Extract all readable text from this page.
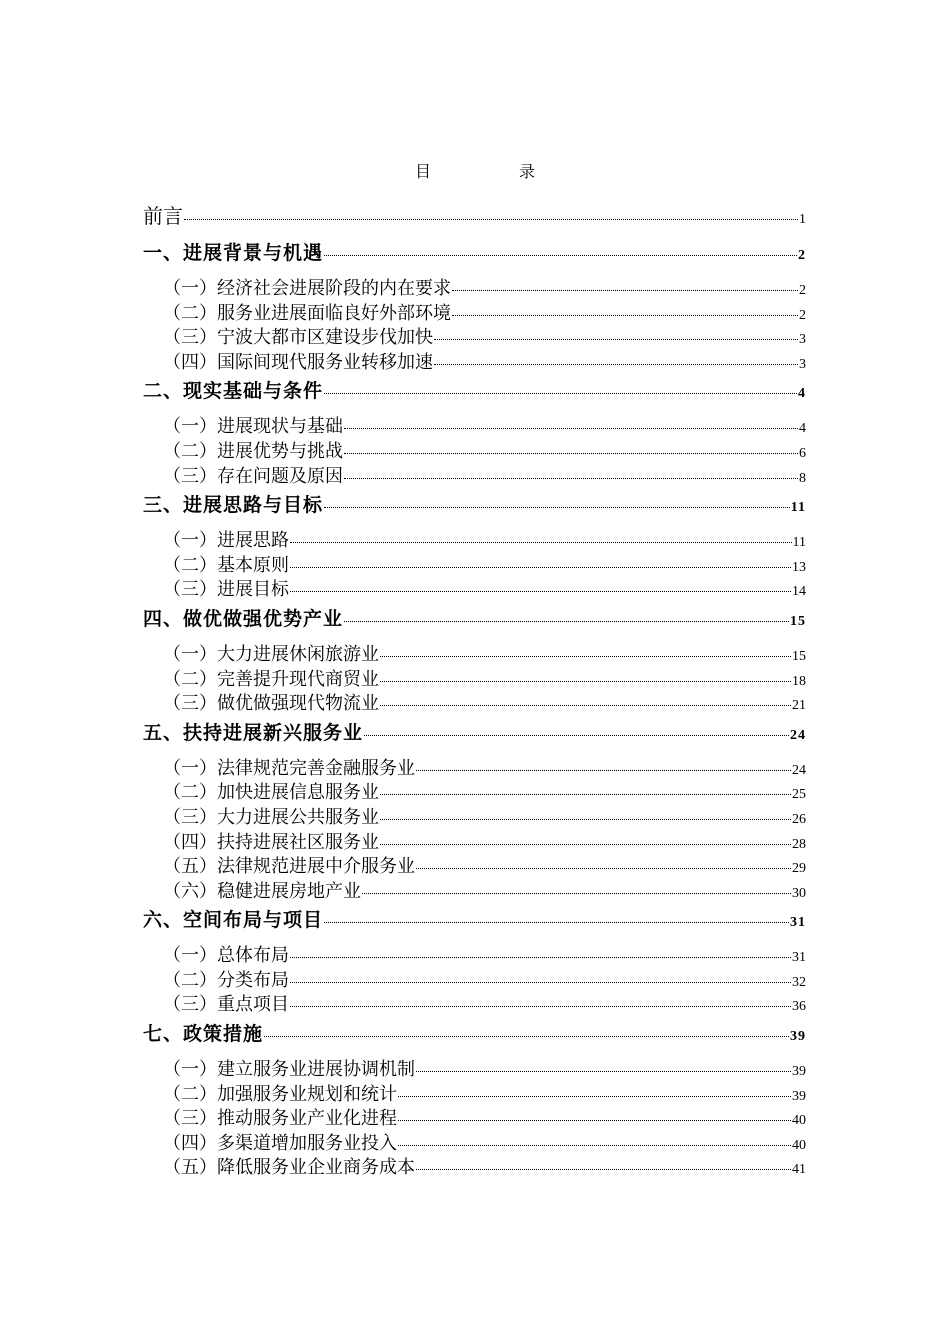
目　录
前言	1
一、进展背景与机遇	2
（一）经济社会进展阶段的内在要求	2
（二）服务业进展面临良好外部环境	2
（三）宁波大都市区建设步伐加快	3
（四）国际间现代服务业转移加速	3
二、现实基础与条件	4
（一）进展现状与基础	4
（二）进展优势与挑战	6
（三）存在问题及原因	8
三、进展思路与目标	11
（一）进展思路	11
（二）基本原则	13
（三）进展目标	14
四、做优做强优势产业	15
（一）大力进展休闲旅游业	15
（二）完善提升现代商贸业	18
（三）做优做强现代物流业	21
五、扶持进展新兴服务业	24
（一）法律规范完善金融服务业	24
（二）加快进展信息服务业	25
（三）大力进展公共服务业	26
（四）扶持进展社区服务业	28
（五）法律规范进展中介服务业	29
（六）稳健进展房地产业	30
六、空间布局与项目	31
（一）总体布局	31
（二）分类布局	32
（三）重点项目	36
七、政策措施	39
（一）建立服务业进展协调机制	39
（二）加强服务业规划和统计	39
（三）推动服务业产业化进程	40
（四）多渠道增加服务业投入	40
（五）降低服务业企业商务成本	41
